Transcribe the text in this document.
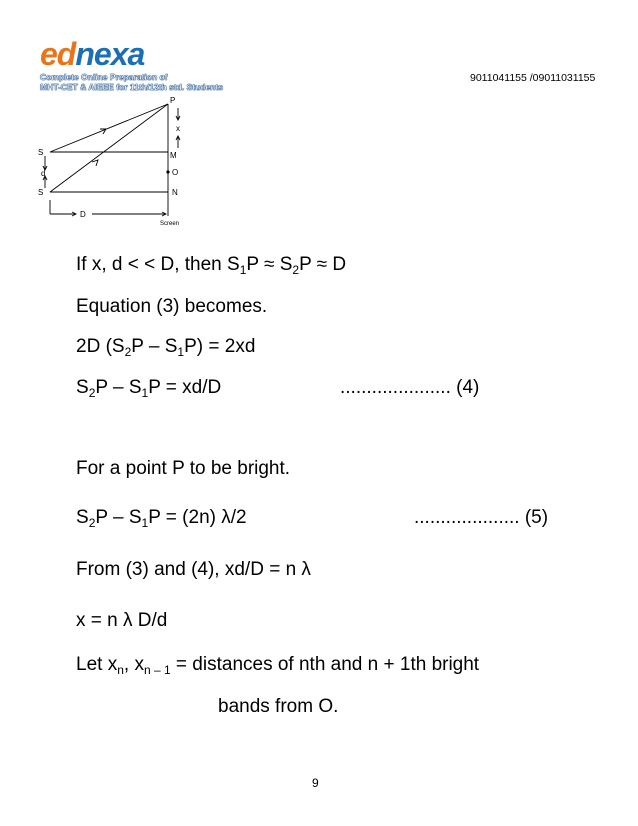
ednexa
Complete Online Preparation of
MHT-CET & AIEEE for 11th/12th std. Students
9011041155 /09011031155
P
x
S	M
d	O
S	N
D
Screen
If x, d < < D, then $S_1P \approx S_2P \approx D$
Equation (3) becomes.
2D $(S_2P - S_1P) = 2xd$
$S_2P - S_1P = xd/D$	..................... (4)
For a point P to be bright.
$S_2P - S_1P = (2n)$ λ/2	.................... (5)
From (3) and (4), xd/D = n λ
x = n λ D/d
Let $x_n$, $x_{n - 1}$ = distances of nth and n + 1th bright
bands from O.
9
